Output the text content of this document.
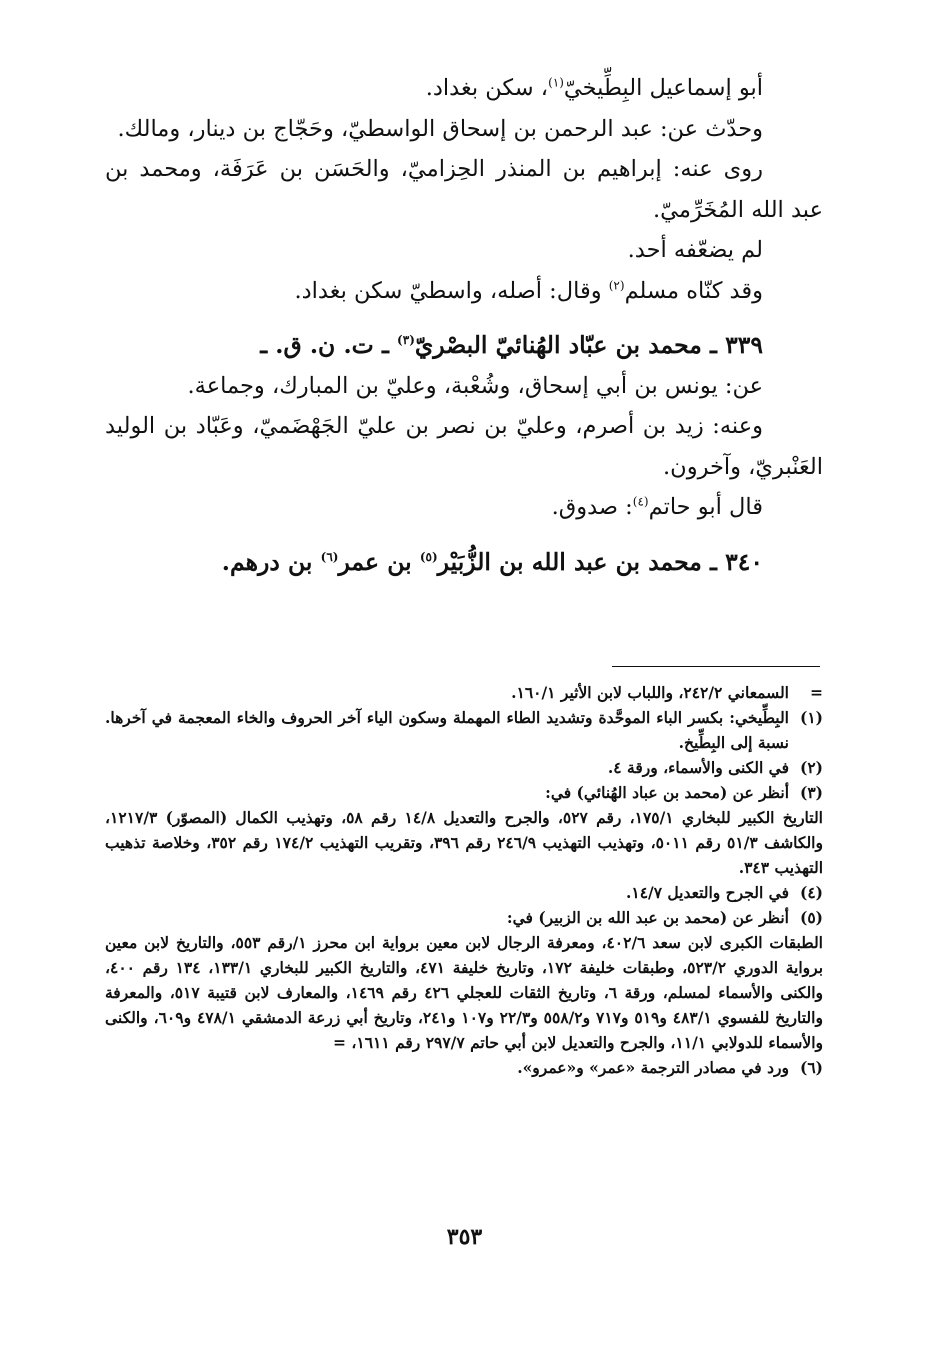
أبو إسماعيل البِطِّيخيّ$^{(١)}$، سكن بغداد.

وحدّث عن: عبد الرحمن بن إسحاق الواسطيّ، وحَجّاج بن دينار، ومالك.

روى عنه: إبراهيم بن المنذر الحِزاميّ، والحَسَن بن عَرَفَة، ومحمد بن عبد الله المُخَرِّميّ.

لم يضعّفه أحد.

وقد كنّاه مسلم$^{(٢)}$ وقال: أصله، واسطيّ سكن بغداد.

٣٣٩ ـ محمد بن عبّاد الهُنائيّ البصْريّ$^{(٣)}$ ـ ت. ن. ق. ـ

عن: يونس بن أبي إسحاق، وشُعْبة، وعليّ بن المبارك، وجماعة.

وعنه: زيد بن أصرم، وعليّ بن نصر بن عليّ الجَهْضَميّ، وعَبّاد بن الوليد العَنْبريّ، وآخرون.

قال أبو حاتم$^{(٤)}$: صدوق.

٣٤٠ ـ محمد بن عبد الله بن الزُّبَيْر$^{(٥)}$ بن عمر$^{(٦)}$ بن درهم.

=
السمعاني ٢٤٢/٢، واللباب لابن الأثير ١٦٠/١.
(١)
البِطِّيخي: بكسر الباء الموحَّدة وتشديد الطاء المهملة وسكون الياء آخر الحروف والخاء المعجمة في آخرها. نسبة إلى البِطِّيخ.
(٢)
في الكنى والأسماء، ورقة ٤.
(٣)
أنظر عن (محمد بن عباد الهُنائي) في:

التاريخ الكبير للبخاري ١٧٥/١، رقم ٥٢٧، والجرح والتعديل ١٤/٨ رقم ٥٨، وتهذيب الكمال (المصوّر) ١٢١٧/٣، والكاشف ٥١/٣ رقم ٥٠١١، وتهذيب التهذيب ٢٤٦/٩ رقم ٣٩٦، وتقريب التهذيب ١٧٤/٢ رقم ٣٥٢، وخلاصة تذهيب التهذيب ٣٤٣.

(٤)
في الجرح والتعديل ١٤/٧.
(٥)
أنظر عن (محمد بن عبد الله بن الزبير) في:

الطبقات الكبرى لابن سعد ٤٠٢/٦، ومعرفة الرجال لابن معين برواية ابن محرز ١/رقم ٥٥٣، والتاريخ لابن معين برواية الدوري ٥٢٣/٢، وطبقات خليفة ١٧٢، وتاريخ خليفة ٤٧١، والتاريخ الكبير للبخاري ١٣٣/١، ١٣٤ رقم ٤٠٠، والكنى والأسماء لمسلم، ورقة ٦، وتاريخ الثقات للعجلي ٤٢٦ رقم ١٤٦٩، والمعارف لابن قتيبة ٥١٧، والمعرفة والتاريخ للفسوي ٤٨٣/١ و٥١٩ و٧١٧ و٥٥٨/٢ و٢٢/٣ و١٠٧ و٢٤١، وتاريخ أبي زرعة الدمشقي ٤٧٨/١ و٦٠٩، والكنى والأسماء للدولابي ١١/١، والجرح والتعديل لابن أبي حاتم ٢٩٧/٧ رقم ١٦١١، =

(٦)
ورد في مصادر الترجمة «عمر» و«عمرو».
٣٥٣
